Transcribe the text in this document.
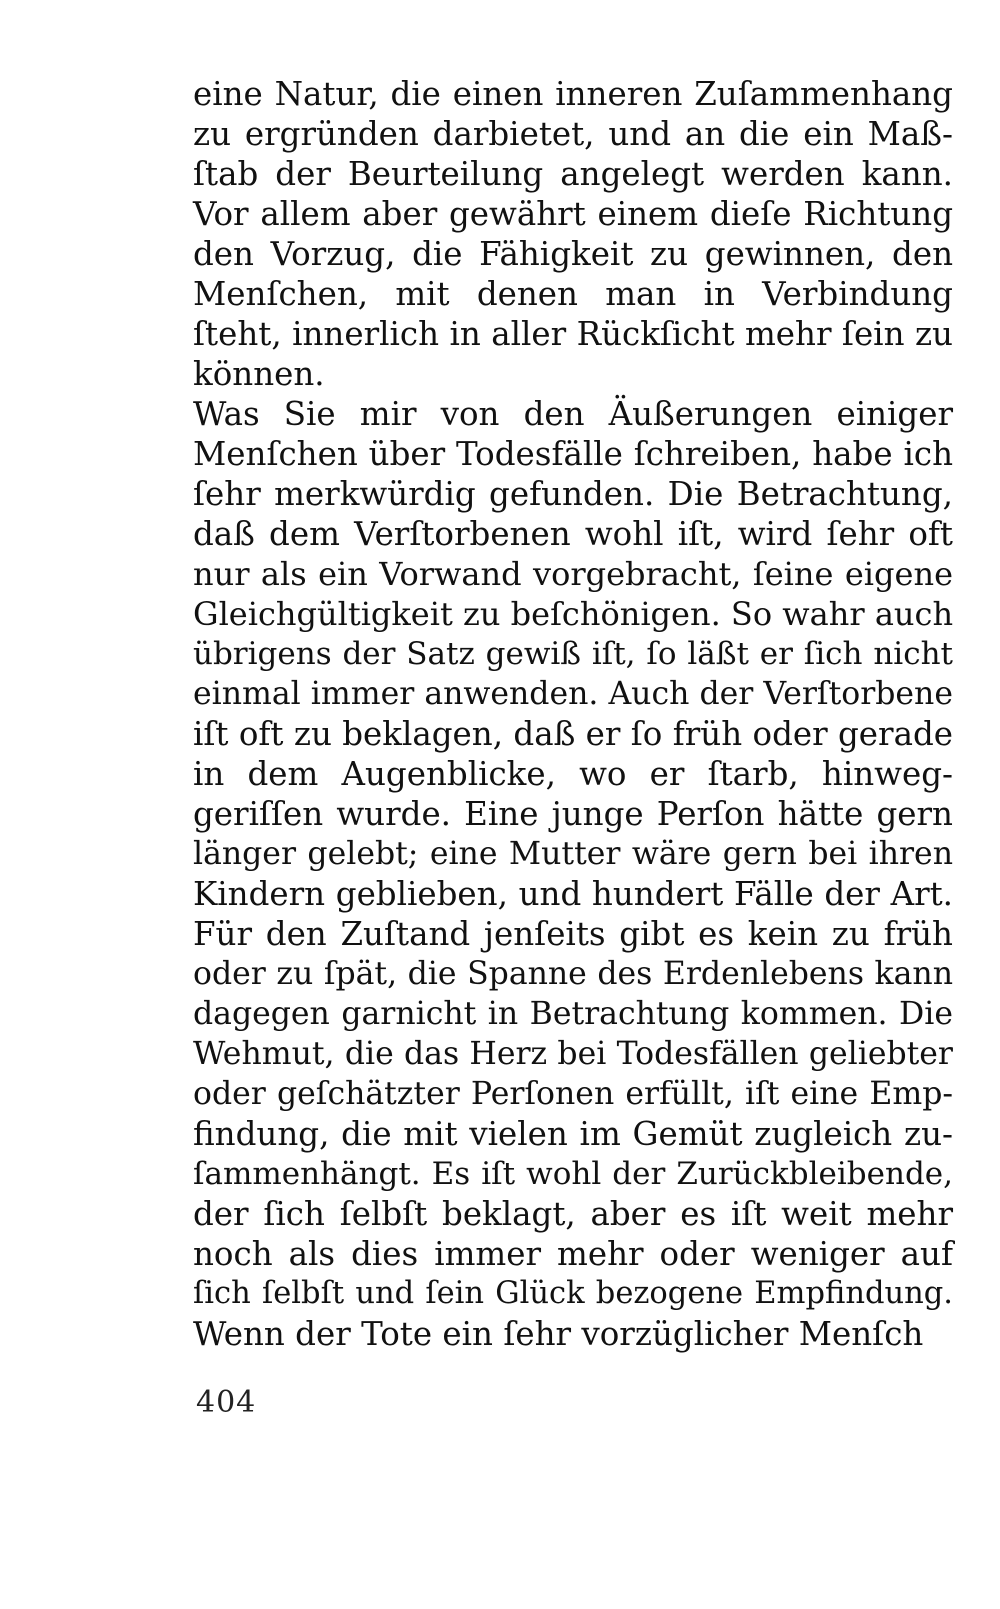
eine Natur, die einen inneren Zuſammenhang
zu ergründen darbietet, und an die ein Maß-
ſtab der Beurteilung angelegt werden kann.
Vor allem aber gewährt einem dieſe Richtung
den Vorzug, die Fähigkeit zu gewinnen, den
Menſchen, mit denen man in Verbindung
ſteht, innerlich in aller Rückſicht mehr ſein zu
können.
Was Sie mir von den Äußerungen einiger
Menſchen über Todesfälle ſchreiben, habe ich
ſehr merkwürdig gefunden. Die Betrachtung,
daß dem Verſtorbenen wohl iſt, wird ſehr oft
nur als ein Vorwand vorgebracht, ſeine eigene
Gleichgültigkeit zu beſchönigen. So wahr auch
übrigens der Satz gewiß iſt, ſo läßt er ſich nicht
einmal immer anwenden. Auch der Verſtorbene
iſt oft zu beklagen, daß er ſo früh oder gerade
in dem Augenblicke, wo er ſtarb, hinweg-
geriſſen wurde. Eine junge Perſon hätte gern
länger gelebt; eine Mutter wäre gern bei ihren
Kindern geblieben, und hundert Fälle der Art.
Für den Zuſtand jenſeits gibt es kein zu früh
oder zu ſpät, die Spanne des Erdenlebens kann
dagegen garnicht in Betrachtung kommen. Die
Wehmut, die das Herz bei Todesfällen geliebter
oder geſchätzter Perſonen erfüllt, iſt eine Emp-
findung, die mit vielen im Gemüt zugleich zu-
ſammenhängt. Es iſt wohl der Zurückbleibende,
der ſich ſelbſt beklagt, aber es iſt weit mehr
noch als dies immer mehr oder weniger auf
ſich ſelbſt und ſein Glück bezogene Empfindung.
Wenn der Tote ein ſehr vorzüglicher Menſch
404
